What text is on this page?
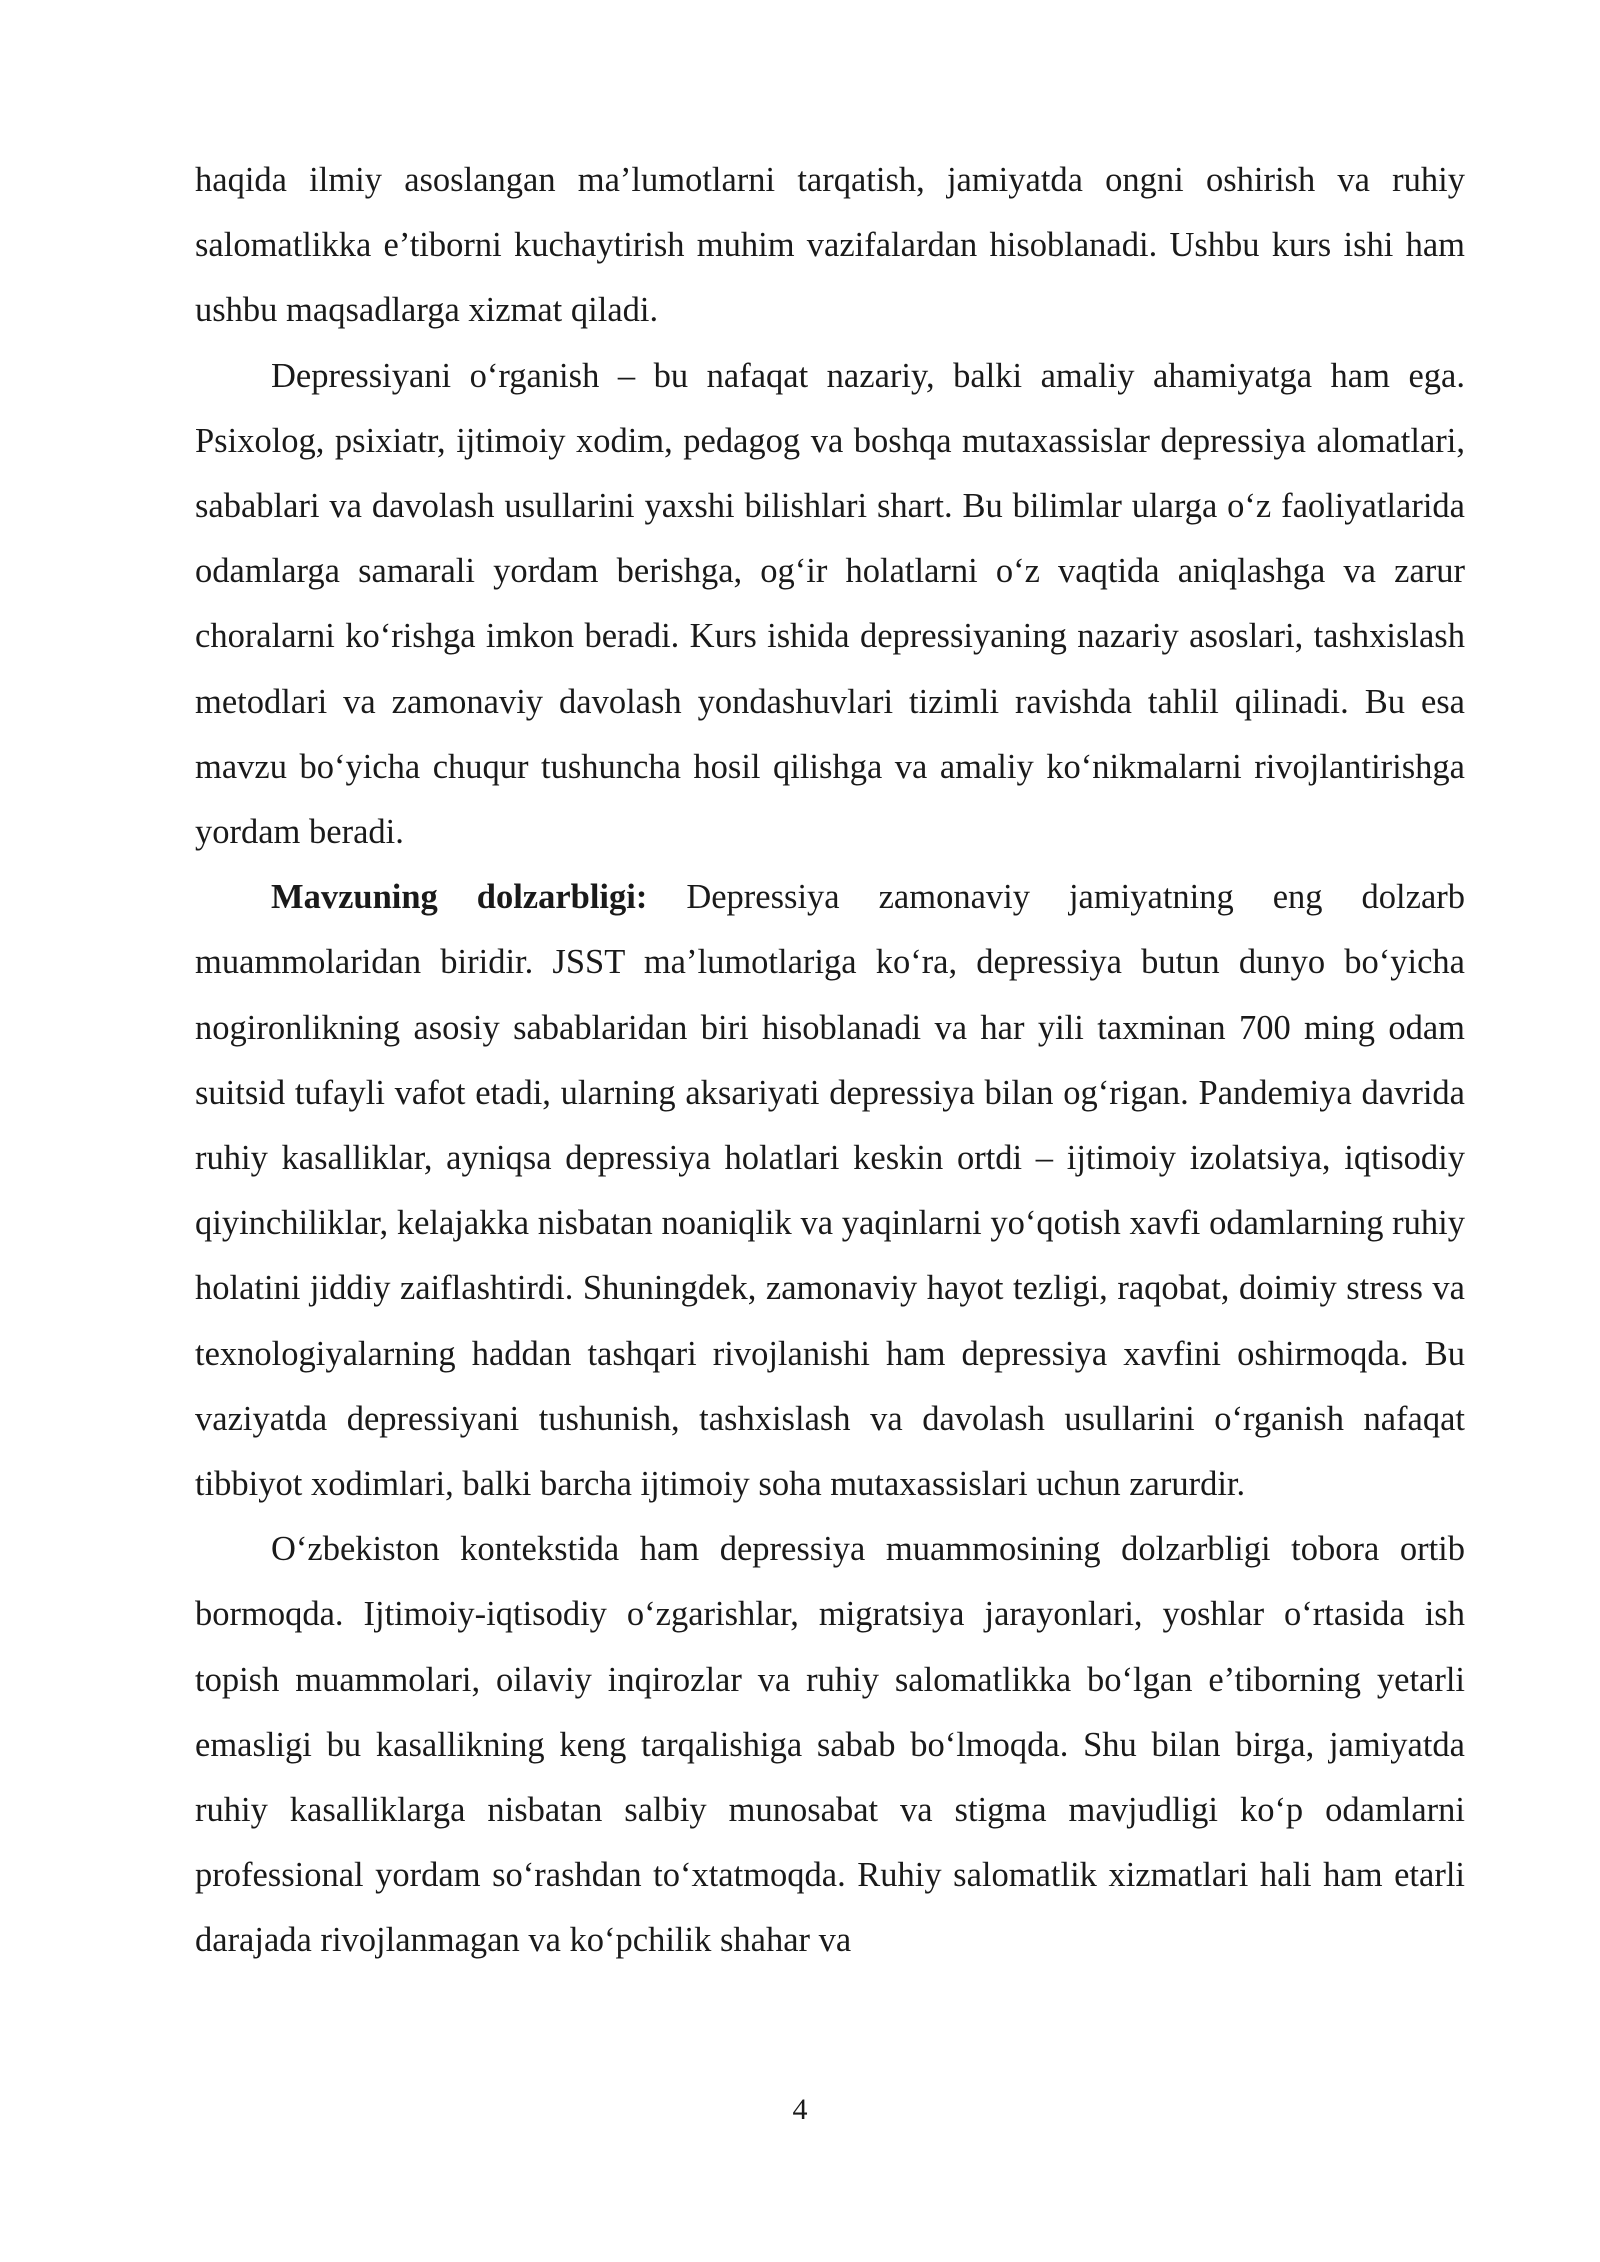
haqida ilmiy asoslangan ma’lumotlarni tarqatish, jamiyatda ongni oshirish va ruhiy salomatlikka e’tiborni kuchaytirish muhim vazifalardan hisoblanadi. Ushbu kurs ishi ham ushbu maqsadlarga xizmat qiladi.

Depressiyani o‘rganish – bu nafaqat nazariy, balki amaliy ahamiyatga ham ega. Psixolog, psixiatr, ijtimoiy xodim, pedagog va boshqa mutaxassislar depressiya alomatlari, sabablari va davolash usullarini yaxshi bilishlari shart. Bu bilimlar ularga o‘z faoliyatlarida odamlarga samarali yordam berishga, og‘ir holatlarni o‘z vaqtida aniqlashga va zarur choralarni ko‘rishga imkon beradi. Kurs ishida depressiyaning nazariy asoslari, tashxislash metodlari va zamonaviy davolash yondashuvlari tizimli ravishda tahlil qilinadi. Bu esa mavzu bo‘yicha chuqur tushuncha hosil qilishga va amaliy ko‘nikmalarni rivojlantirishga yordam beradi.

Mavzuning dolzarbligi: Depressiya zamonaviy jamiyatning eng dolzarb muammolaridan biridir. JSST ma’lumotlariga ko‘ra, depressiya butun dunyo bo‘yicha nogironlikning asosiy sabablaridan biri hisoblanadi va har yili taxminan 700 ming odam suitsid tufayli vafot etadi, ularning aksariyati depressiya bilan og‘rigan. Pandemiya davrida ruhiy kasalliklar, ayniqsa depressiya holatlari keskin ortdi – ijtimoiy izolatsiya, iqtisodiy qiyinchiliklar, kelajakka nisbatan noaniqlik va yaqinlarni yo‘qotish xavfi odamlarning ruhiy holatini jiddiy zaiflashtirdi. Shuningdek, zamonaviy hayot tezligi, raqobat, doimiy stress va texnologiyalarning haddan tashqari rivojlanishi ham depressiya xavfini oshirmoqda. Bu vaziyatda depressiyani tushunish, tashxislash va davolash usullarini o‘rganish nafaqat tibbiyot xodimlari, balki barcha ijtimoiy soha mutaxassislari uchun zarurdir.

O‘zbekiston kontekstida ham depressiya muammosining dolzarbligi tobora ortib bormoqda. Ijtimoiy-iqtisodiy o‘zgarishlar, migratsiya jarayonlari, yoshlar o‘rtasida ish topish muammolari, oilaviy inqirozlar va ruhiy salomatlikka bo‘lgan e’tiborning yetarli emasligi bu kasallikning keng tarqalishiga sabab bo‘lmoqda. Shu bilan birga, jamiyatda ruhiy kasalliklarga nisbatan salbiy munosabat va stigma mavjudligi ko‘p odamlarni professional yordam so‘rashdan to‘xtatmoqda. Ruhiy salomatlik xizmatlari hali ham etarli darajada rivojlanmagan va ko‘pchilik shahar va

4
